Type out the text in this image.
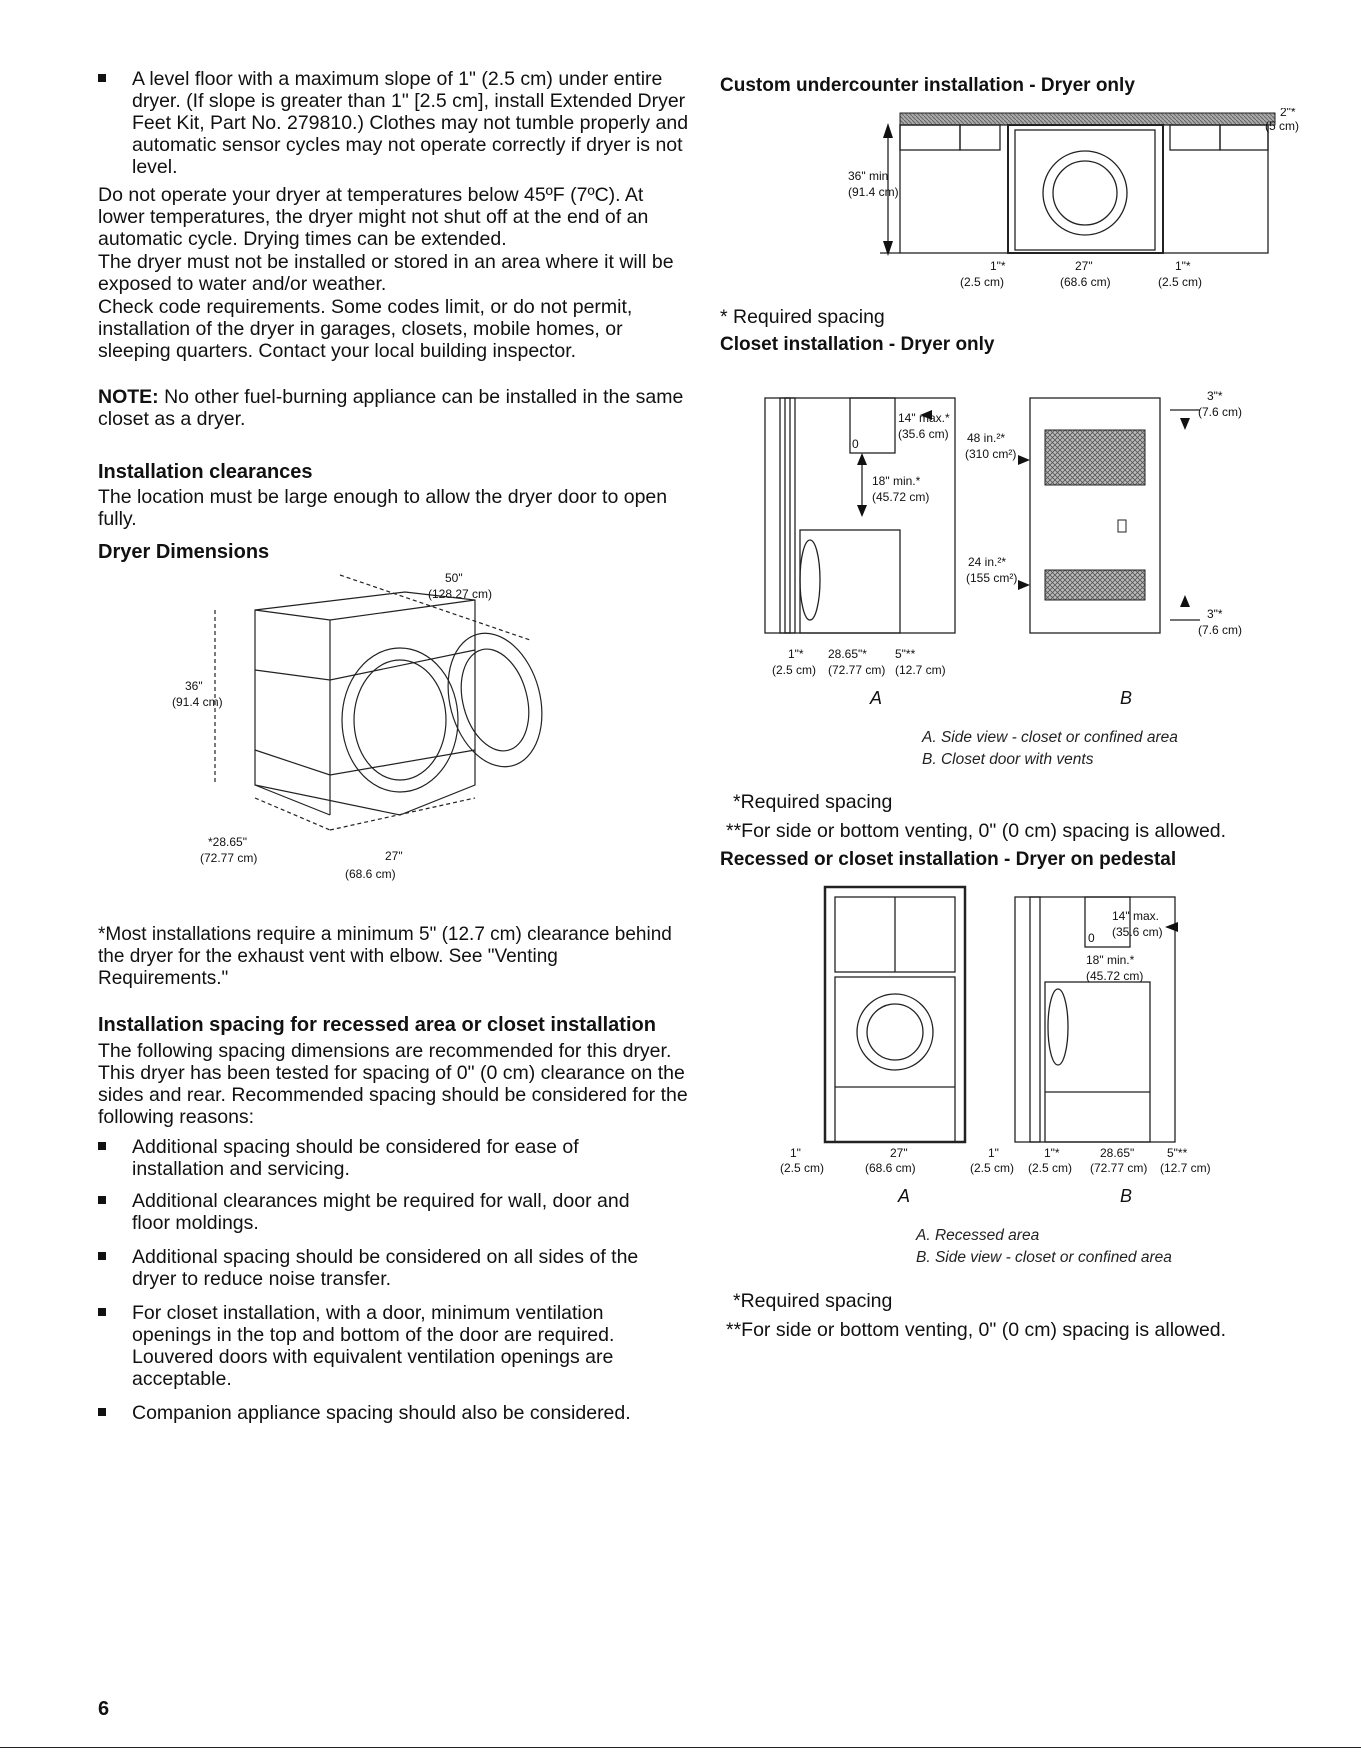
A level floor with a maximum slope of 1" (2.5 cm) under entire dryer. (If slope is greater than 1" [2.5 cm], install Extended Dryer Feet Kit, Part No. 279810.) Clothes may not tumble properly and automatic sensor cycles may not operate correctly if dryer is not level.
Do not operate your dryer at temperatures below 45ºF (7ºC). At lower temperatures, the dryer might not shut off at the end of an automatic cycle. Drying times can be extended.
The dryer must not be installed or stored in an area where it will be exposed to water and/or weather.
Check code requirements. Some codes limit, or do not permit, installation of the dryer in garages, closets, mobile homes, or sleeping quarters. Contact your local building inspector.
NOTE: No other fuel-burning appliance can be installed in the same closet as a dryer.
Installation clearances
The location must be large enough to allow the dryer door to open fully.
Dryer Dimensions
50"
(128.27 cm)
36"
(91.4 cm)
*28.65"
(72.77 cm)	27"
(68.6 cm)
*Most installations require a minimum 5" (12.7 cm) clearance behind the dryer for the exhaust vent with elbow. See "Venting Requirements."
Installation spacing for recessed area or closet installation
The following spacing dimensions are recommended for this dryer. This dryer has been tested for spacing of 0" (0 cm) clearance on the sides and rear. Recommended spacing should be considered for the following reasons:
Additional spacing should be considered for ease of installation and servicing.
Additional clearances might be required for wall, door and floor moldings.
Additional spacing should be considered on all sides of the dryer to reduce noise transfer.
For closet installation, with a door, minimum ventilation openings in the top and bottom of the door are required. Louvered doors with equivalent ventilation openings are acceptable.
Companion appliance spacing should also be considered.
Custom undercounter installation - Dryer only
36" min
(91.4 cm)
2"*
(5 cm)
1"*
(2.5 cm)
27"
(68.6 cm)
1"*
(2.5 cm)
* Required spacing
Closet installation - Dryer only
14" max.*
(35.6 cm)
0
18" min.*
(45.72 cm)
48 in.²*
(310 cm²)
24 in.²*
(155 cm²)
3"*
(7.6 cm)
3"*
(7.6 cm)
1"* 28.65"* 5"**
(2.5 cm) (72.77 cm) (12.7 cm)
A	B
A. Side view - closet or confined area
B. Closet door with vents
*Required spacing
**For side or bottom venting, 0" (0 cm) spacing is allowed.
Recessed or closet installation - Dryer on pedestal
14" max.
(35.6 cm)
0
18" min.*
(45.72 cm)
1"
(2.5 cm)
27"
(68.6 cm)
1"
(2.5 cm)
1"*
(2.5 cm)
28.65"
(72.77 cm)
5"**
(12.7 cm)
A	B
A. Recessed area
B. Side view - closet or confined area
*Required spacing
**For side or bottom venting, 0" (0 cm) spacing is allowed.
6
